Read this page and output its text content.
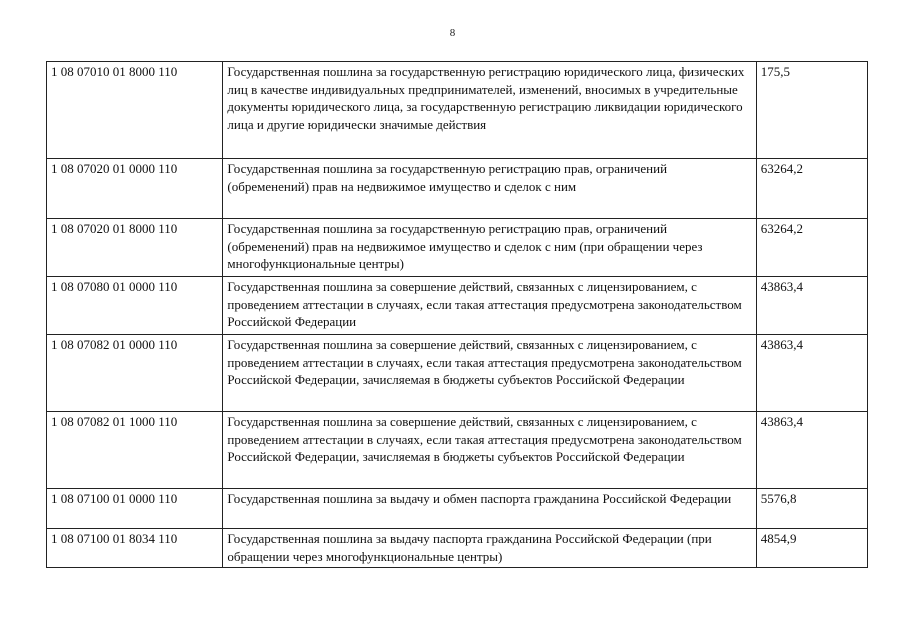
8
1 08 07010 01 8000 110	Государственная пошлина за государственную регистрацию юридического лица, физических лиц в качестве индивидуальных предпринимателей, изменений, вносимых в учредительные документы юридического лица, за государственную регистрацию ликвидации юридического лица и другие юридически значимые действия	175,5
1 08 07020 01 0000 110	Государственная пошлина за государственную регистрацию прав, ограничений (обременений) прав на недвижимое имущество и сделок с ним	63264,2
1 08 07020 01 8000 110	Государственная пошлина за государственную регистрацию прав, ограничений (обременений) прав на недвижимое имущество и сделок с ним (при обращении через многофункциональные центры)	63264,2
1 08 07080 01 0000 110	Государственная пошлина за совершение действий, связанных с лицензированием, с проведением аттестации в случаях, если такая аттестация предусмотрена законодательством Российской Федерации	43863,4
1 08 07082 01 0000 110	Государственная пошлина за совершение действий, связанных с лицензированием, с проведением аттестации в случаях, если такая аттестация предусмотрена законодательством Российской Федерации, зачисляемая в бюджеты субъектов Российской Федерации	43863,4
1 08 07082 01 1000 110	Государственная пошлина за совершение действий, связанных с лицензированием, с проведением аттестации в случаях, если такая аттестация предусмотрена законодательством Российской Федерации, зачисляемая в бюджеты субъектов Российской Федерации	43863,4
1 08 07100 01 0000 110	Государственная пошлина за выдачу и обмен паспорта гражданина Российской Федерации	5576,8
1 08 07100 01 8034 110	Государственная пошлина за выдачу паспорта гражданина Российской Федерации (при обращении через многофункциональные центры)	4854,9
